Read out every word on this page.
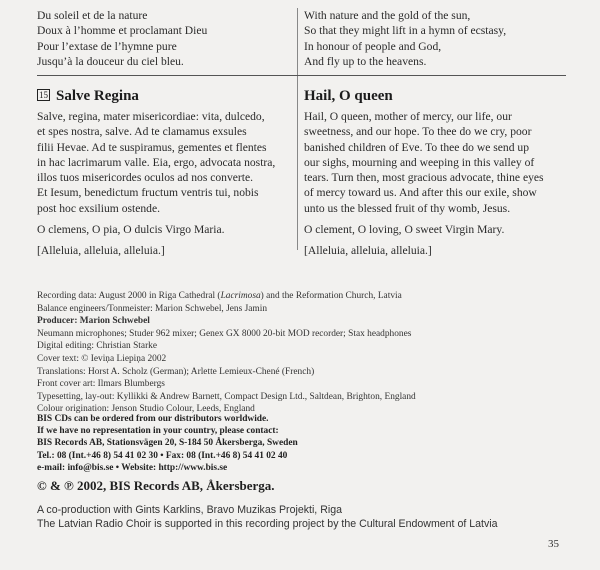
Du soleil et de la nature
Doux à l’homme et proclamant Dieu
Pour l’extase de l’hymne pure
Jusqu’à la douceur du ciel bleu.
With nature and the gold of the sun,
So that they might lift in a hymn of ecstasy,
In honour of people and God,
And fly up to the heavens.
15 Salve Regina
Salve, regina, mater misericordiae: vita, dulcedo,
et spes nostra, salve. Ad te clamamus exsules
filii Hevae. Ad te suspiramus, gementes et flentes
in hac lacrimarum valle. Eia, ergo, advocata nostra,
illos tuos misericordes oculos ad nos converte.
Et Iesum, benedictum fructum ventris tui, nobis
post hoc exsilium ostende.
O clemens, O pia, O dulcis Virgo Maria.
[Alleluia, alleluia, alleluia.]
Hail, O queen
Hail, O queen, mother of mercy, our life, our
sweetness, and our hope. To thee do we cry, poor
banished children of Eve. To thee do we send up
our sighs, mourning and weeping in this valley of
tears. Turn then, most gracious advocate, thine eyes
of mercy toward us. And after this our exile, show
unto us the blessed fruit of thy womb, Jesus.
O clement, O loving, O sweet Virgin Mary.
[Alleluia, alleluia, alleluia.]
Recording data: August 2000 in Riga Cathedral (Lacrimosa) and the Reformation Church, Latvia
Balance engineers/Tonmeister: Marion Schwebel, Jens Jamin
Producer: Marion Schwebel
Neumann microphones; Studer 962 mixer; Genex GX 8000 20-bit MOD recorder; Stax headphones
Digital editing: Christian Starke
Cover text: © Ieviņa Liepiņa 2002
Translations: Horst A. Scholz (German); Arlette Lemieux-Chené (French)
Front cover art: Ilmars Blumbergs
Typesetting, lay-out: Kyllikki & Andrew Barnett, Compact Design Ltd., Saltdean, Brighton, England
Colour origination: Jenson Studio Colour, Leeds, England
BIS CDs can be ordered from our distributors worldwide.
If we have no representation in your country, please contact:
BIS Records AB, Stationsvägen 20, S-184 50 Åkersberga, Sweden
Tel.: 08 (Int.+46 8) 54 41 02 30 • Fax: 08 (Int.+46 8) 54 41 02 40
e-mail: info@bis.se • Website: http://www.bis.se
© & ℗ 2002, BIS Records AB, Åkersberga.
A co-production with Gints Karklins, Bravo Muzikas Projekti, Riga
The Latvian Radio Choir is supported in this recording project by the Cultural Endowment of Latvia
35
